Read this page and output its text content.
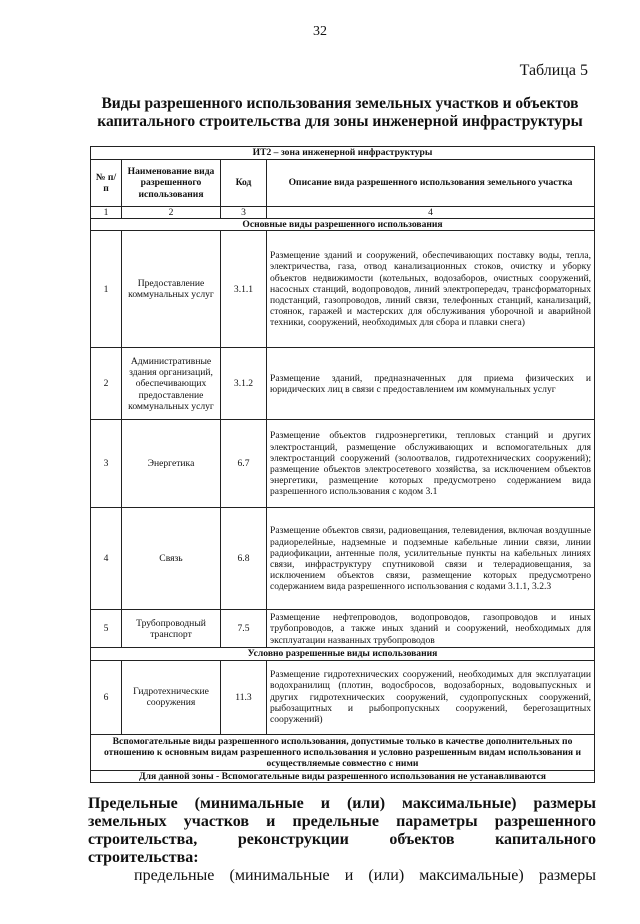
32
Таблица 5
Виды разрешенного использования земельных участков и объектов
капитального строительства для зоны инженерной инфраструктуры
ИТ2 – зона инженерной инфраструктуры			
№ п/п	Наименование вида разрешенного использования	Код	Описание вида разрешенного использования земельного участка
1	2	3	4
Основные виды разрешенного использования			
1	Предоставление коммунальных услуг	3.1.1	Размещение зданий и сооружений, обеспечивающих поставку воды, тепла, электричества, газа, отвод канализационных стоков, очистку и уборку объектов недвижимости (котельных, водозаборов, очистных сооружений, насосных станций, водопроводов, линий электропередач, трансформаторных подстанций, газопроводов, линий связи, телефонных станций, канализаций, стоянок, гаражей и мастерских для обслуживания уборочной и аварийной техники, сооружений, необходимых для сбора и плавки снега)
2	Административные здания организаций, обеспечивающих предоставление коммунальных услуг	3.1.2	Размещение зданий, предназначенных для приема физических и юридических лиц в связи с предоставлением им коммунальных услуг
3	Энергетика	6.7	Размещение объектов гидроэнергетики, тепловых станций и других электростанций, размещение обслуживающих и вспомогательных для электростанций сооружений (золоотвалов, гидротехнических сооружений); размещение объектов электросетевого хозяйства, за исключением объектов энергетики, размещение которых предусмотрено содержанием вида разрешенного использования с кодом 3.1
4	Связь	6.8	Размещение объектов связи, радиовещания, телевидения, включая воздушные радиорелейные, надземные и подземные кабельные линии связи, линии радиофикации, антенные поля, усилительные пункты на кабельных линиях связи, инфраструктуру спутниковой связи и телерадиовещания, за исключением объектов связи, размещение которых предусмотрено содержанием вида разрешенного использования с кодами 3.1.1, 3.2.3
5	Трубопроводный транспорт	7.5	Размещение нефтепроводов, водопроводов, газопроводов и иных трубопроводов, а также иных зданий и сооружений, необходимых для эксплуатации названных трубопроводов
Условно разрешенные виды использования			
6	Гидротехнические сооружения	11.3	Размещение гидротехнических сооружений, необходимых для эксплуатации водохранилищ (плотин, водосбросов, водозаборных, водовыпускных и других гидротехнических сооружений, судопропускных сооружений, рыбозащитных и рыбопропускных сооружений, берегозащитных сооружений)
Вспомогательные виды разрешенного использования, допустимые только в качестве дополнительных по отношению к основным видам разрешенного использования и условно разрешенным видам использования и осуществляемые совместно с ними			
Для данной зоны - Вспомогательные виды разрешенного использования не устанавливаются			
Предельные (минимальные и (или) максимальные) размеры
земельных участков и предельные параметры разрешенного
строительства, реконструкции объектов капитального строительства:
предельные (минимальные и (или) максимальные) размеры
